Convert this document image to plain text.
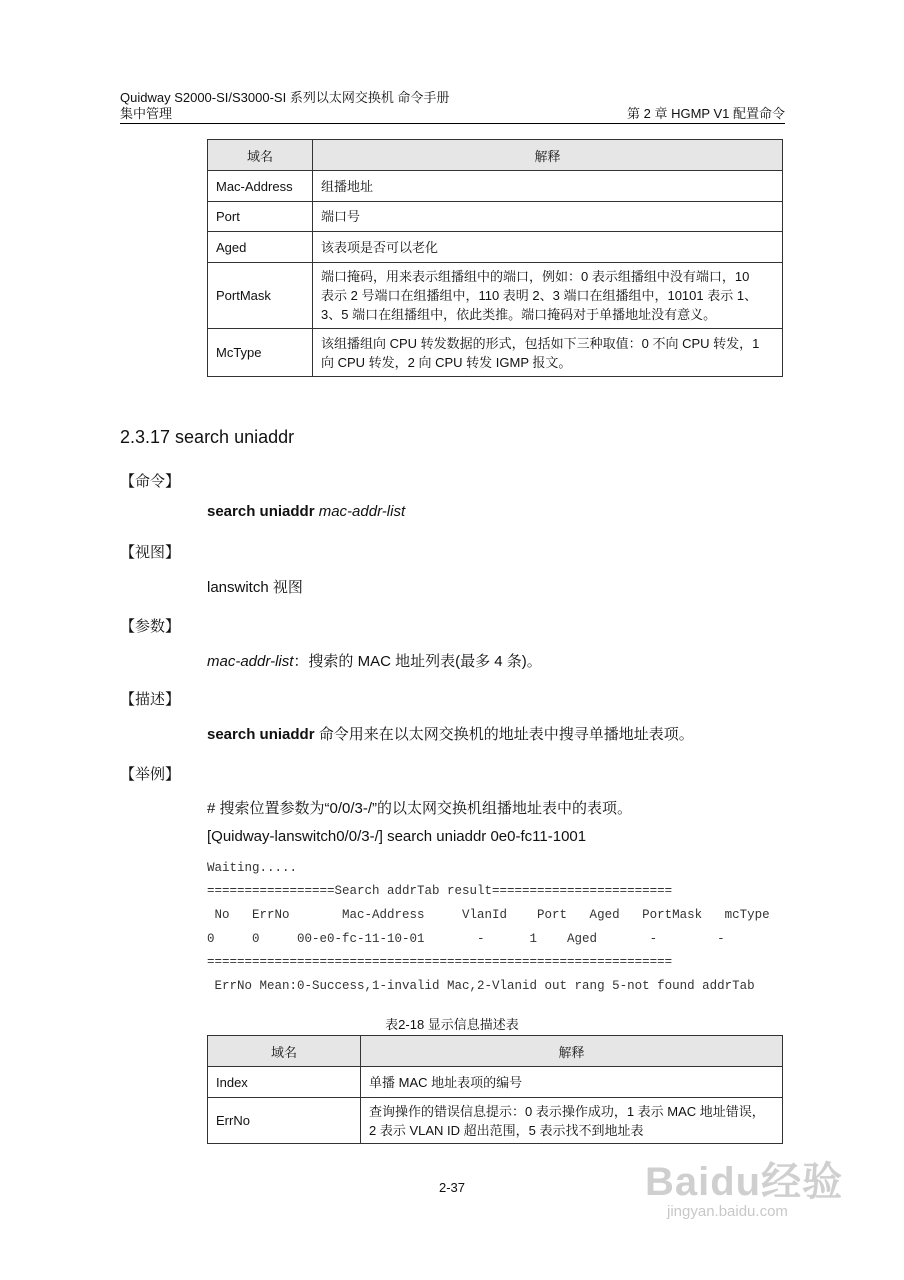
Quidway S2000-SI/S3000-SI 系列以太网交换机 命令手册
集中管理	第 2 章 HGMP V1 配置命令
域名	解释
Mac-Address	组播地址
Port	端口号
Aged	该表项是否可以老化
PortMask	端口掩码，用来表示组播组中的端口，例如：0 表示组播组中没有端口，10
表示 2 号端口在组播组中，110 表明 2、3 端口在组播组中，10101 表示 1、
3、5 端口在组播组中，依此类推。端口掩码对于单播地址没有意义。

McType	该组播组向 CPU 转发数据的形式，包括如下三种取值：0 不向 CPU 转发，1
向 CPU 转发，2 向 CPU 转发 IGMP 报文。
2.3.17 search uniaddr
【命令】
search uniaddr mac-addr-list
【视图】
lanswitch 视图
【参数】
mac-addr-list：搜索的 MAC 地址列表(最多 4 条)。
【描述】
search uniaddr 命令用来在以太网交换机的地址表中搜寻单播地址表项。
【举例】
# 搜索位置参数为“0/0/3-/”的以太网交换机组播地址表中的表项。
[Quidway-lanswitch0/0/3-/] search uniaddr 0e0-fc11-1001
Waiting.....
=================Search addrTab result========================
No   ErrNo       Mac-Address     VlanId    Port   Aged   PortMask   mcType
0     0     00-e0-fc-11-10-01       -      1    Aged       -        -
==============================================================
ErrNo Mean:0-Success,1-invalid Mac,2-Vlanid out rang 5-not found addrTab
表2-18 显示信息描述表
域名	解释
Index	单播 MAC 地址表项的编号

ErrNo	查询操作的错误信息提示：0 表示操作成功，1 表示 MAC 地址错误，
2 表示 VLAN ID 超出范围，5 表示找不到地址表
2-37	Baidu经验
jingyan.baidu.com
